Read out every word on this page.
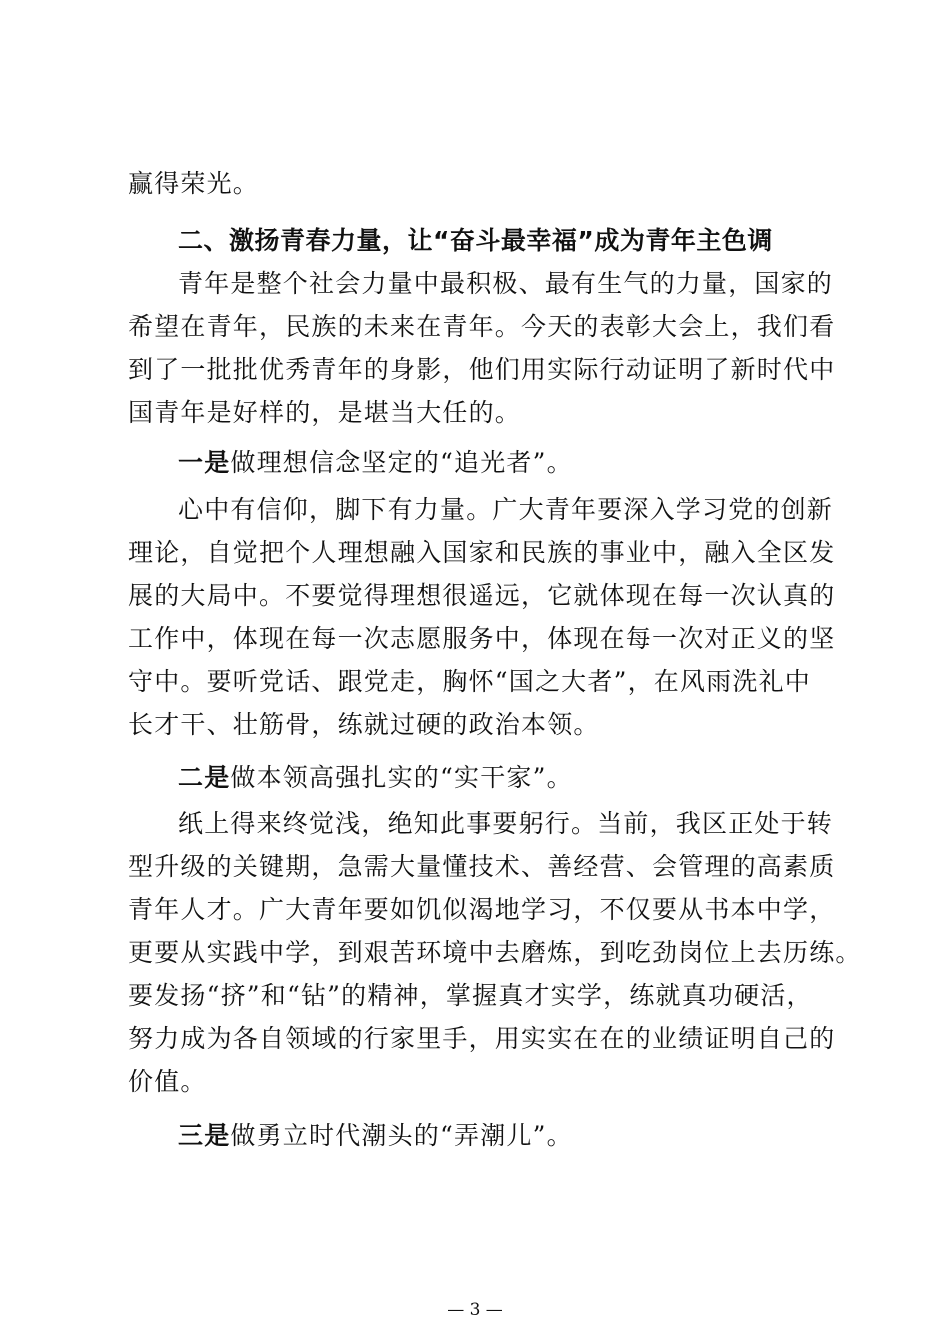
赢得荣光。
二、激扬青春力量，让“奋斗最幸福”成为青年主色调
青年是整个社会力量中最积极、最有生气的力量，国家的
希望在青年，民族的未来在青年。今天的表彰大会上，我们看
到了一批批优秀青年的身影，他们用实际行动证明了新时代中
国青年是好样的，是堪当大任的。
一是做理想信念坚定的“追光者”。
心中有信仰，脚下有力量。广大青年要深入学习党的创新
理论，自觉把个人理想融入国家和民族的事业中，融入全区发
展的大局中。不要觉得理想很遥远，它就体现在每一次认真的
工作中，体现在每一次志愿服务中，体现在每一次对正义的坚
守中。要听党话、跟党走，胸怀“国之大者”，在风雨洗礼中
长才干、壮筋骨，练就过硬的政治本领。
二是做本领高强扎实的“实干家”。
纸上得来终觉浅，绝知此事要躬行。当前，我区正处于转
型升级的关键期，急需大量懂技术、善经营、会管理的高素质
青年人才。广大青年要如饥似渴地学习，不仅要从书本中学，
更要从实践中学，到艰苦环境中去磨炼，到吃劲岗位上去历练。
要发扬“挤”和“钻”的精神，掌握真才实学，练就真功硬活，
努力成为各自领域的行家里手，用实实在在的业绩证明自己的
价值。
三是做勇立时代潮头的“弄潮儿”。
— 3 —
